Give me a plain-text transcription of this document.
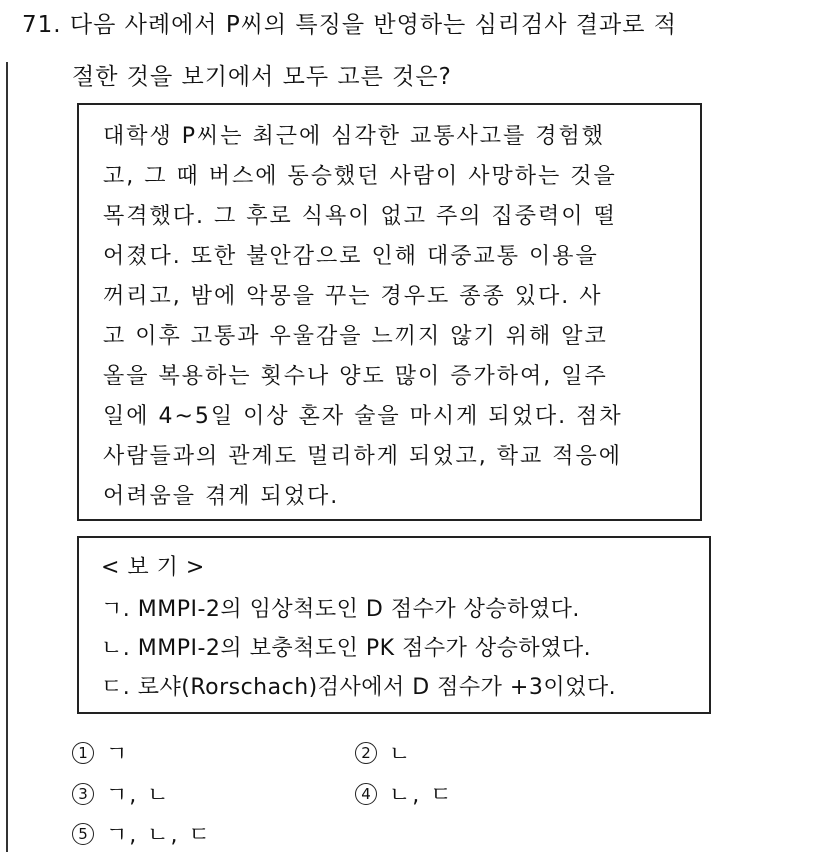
71. 다음 사례에서 P씨의 특징을 반영하는 심리검사 결과로 적
절한 것을 보기에서 모두 고른 것은?
대학생 P씨는 최근에 심각한 교통사고를 경험했
고, 그 때 버스에 동승했던 사람이 사망하는 것을
목격했다. 그 후로 식욕이 없고 주의 집중력이 떨
어졌다. 또한 불안감으로 인해 대중교통 이용을
꺼리고, 밤에 악몽을 꾸는 경우도 종종 있다. 사
고 이후 고통과 우울감을 느끼지 않기 위해 알코
올을 복용하는 횟수나 양도 많이 증가하여, 일주
일에 4~5일 이상 혼자 술을 마시게 되었다. 점차
사람들과의 관계도 멀리하게 되었고, 학교 적응에
어려움을 겪게 되었다.
< 보 기 >
ㄱ. MMPI-2의 임상척도인 D 점수가 상승하였다.
ㄴ. MMPI-2의 보충척도인 PK 점수가 상승하였다.
ㄷ. 로샤(Rorschach)검사에서 D 점수가 +3이었다.
1 ㄱ	2 ㄴ
3 ㄱ, ㄴ	4 ㄴ, ㄷ
5 ㄱ, ㄴ, ㄷ
